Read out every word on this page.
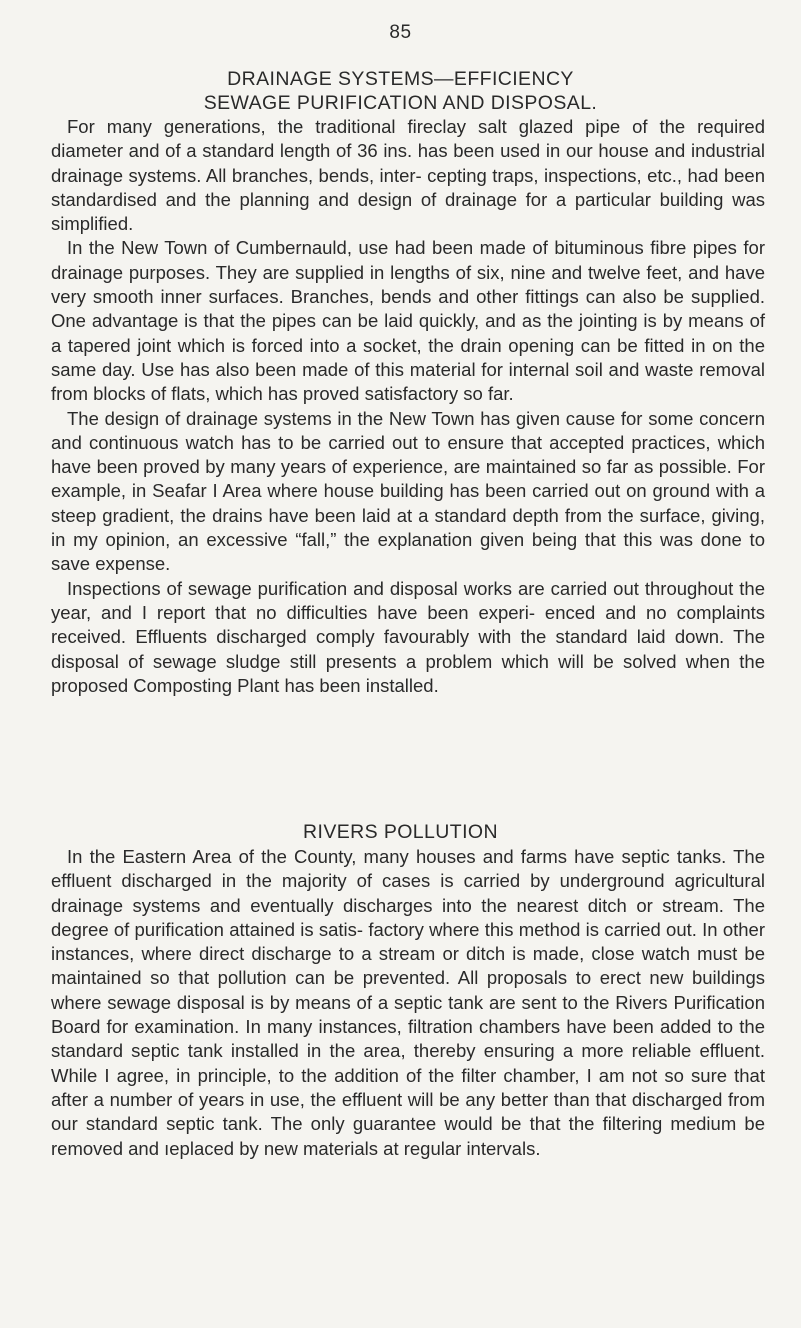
85
DRAINAGE SYSTEMS—EFFICIENCY
SEWAGE PURIFICATION AND DISPOSAL.

For many generations, the traditional fireclay salt glazed pipe of the required diameter and of a standard length of 36 ins. has been used in our house and industrial drainage systems. All branches, bends, inter- cepting traps, inspections, etc., had been standardised and the planning and design of drainage for a particular building was simplified.

In the New Town of Cumbernauld, use had been made of bituminous fibre pipes for drainage purposes. They are supplied in lengths of six, nine and twelve feet, and have very smooth inner surfaces. Branches, bends and other fittings can also be supplied. One advantage is that the pipes can be laid quickly, and as the jointing is by means of a tapered joint which is forced into a socket, the drain opening can be fitted in on the same day. Use has also been made of this material for internal soil and waste removal from blocks of flats, which has proved satisfactory so far.

The design of drainage systems in the New Town has given cause for some concern and continuous watch has to be carried out to ensure that accepted practices, which have been proved by many years of experience, are maintained so far as possible. For example, in Seafar I Area where house building has been carried out on ground with a steep gradient, the drains have been laid at a standard depth from the surface, giving, in my opinion, an excessive “fall,” the explanation given being that this was done to save expense.

Inspections of sewage purification and disposal works are carried out throughout the year, and I report that no difficulties have been experi- enced and no complaints received. Effluents discharged comply favourably with the standard laid down. The disposal of sewage sludge still presents a problem which will be solved when the proposed Composting Plant has been installed.

RIVERS POLLUTION

In the Eastern Area of the County, many houses and farms have septic tanks. The effluent discharged in the majority of cases is carried by underground agricultural drainage systems and eventually discharges into the nearest ditch or stream. The degree of purification attained is satis- factory where this method is carried out. In other instances, where direct discharge to a stream or ditch is made, close watch must be maintained so that pollution can be prevented. All proposals to erect new buildings where sewage disposal is by means of a septic tank are sent to the Rivers Purification Board for examination. In many instances, filtration chambers have been added to the standard septic tank installed in the area, thereby ensuring a more reliable effluent. While I agree, in principle, to the addition of the filter chamber, I am not so sure that after a number of years in use, the effluent will be any better than that discharged from our standard septic tank. The only guarantee would be that the filtering medium be removed and ıeplaced by new materials at regular intervals.
